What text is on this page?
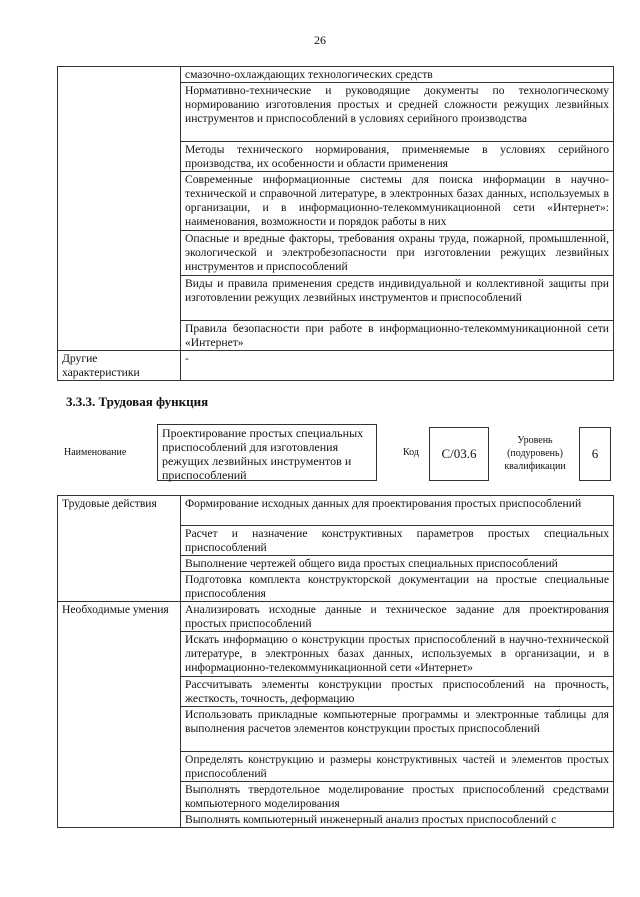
26
	смазочно-охлаждающих технологических средств
	Нормативно-технические и руководящие документы по технологическому нормированию изготовления простых и средней сложности режущих лезвийных инструментов и приспособлений в условиях серийного производства
	Методы технического нормирования, применяемые в условиях серийного производства, их особенности и области применения
	Современные информационные системы для поиска информации в научно-технической и справочной литературе, в электронных базах данных, используемых в организации, и в информационно-телекоммуникационной сети «Интернет»: наименования, возможности и порядок работы в них
	Опасные и вредные факторы, требования охраны труда, пожарной, промышленной, экологической и электробезопасности при изготовлении режущих лезвийных инструментов и приспособлений
	Виды и правила применения средств индивидуальной и коллективной защиты при изготовлении режущих лезвийных инструментов и приспособлений
	Правила безопасности при работе в информационно-телекоммуникационной сети «Интернет»
Другие характеристики	-
3.3.3. Трудовая функция
Наименование
Проектирование простых специальных приспособлений для изготовления режущих лезвийных инструментов и приспособлений
Код	C/03.6
Уровень (подуровень) квалификации
6
Трудовые действия	Формирование исходных данных для проектирования простых приспособлений
	Расчет и назначение конструктивных параметров простых специальных приспособлений
	Выполнение чертежей общего вида простых специальных приспособлений
	Подготовка комплекта конструкторской документации на простые специальные приспособления
Необходимые умения	Анализировать исходные данные и техническое задание для проектирования простых приспособлений
	Искать информацию о конструкции простых приспособлений в научно-технической литературе, в электронных базах данных, используемых в организации, и в информационно-телекоммуникационной сети «Интернет»
	Рассчитывать элементы конструкции простых приспособлений на прочность, жесткость, точность, деформацию
	Использовать прикладные компьютерные программы и электронные таблицы для выполнения расчетов элементов конструкции простых приспособлений
	Определять конструкцию и размеры конструктивных частей и элементов простых приспособлений
	Выполнять твердотельное моделирование простых приспособлений средствами компьютерного моделирования
	Выполнять компьютерный инженерный анализ простых приспособлений с
